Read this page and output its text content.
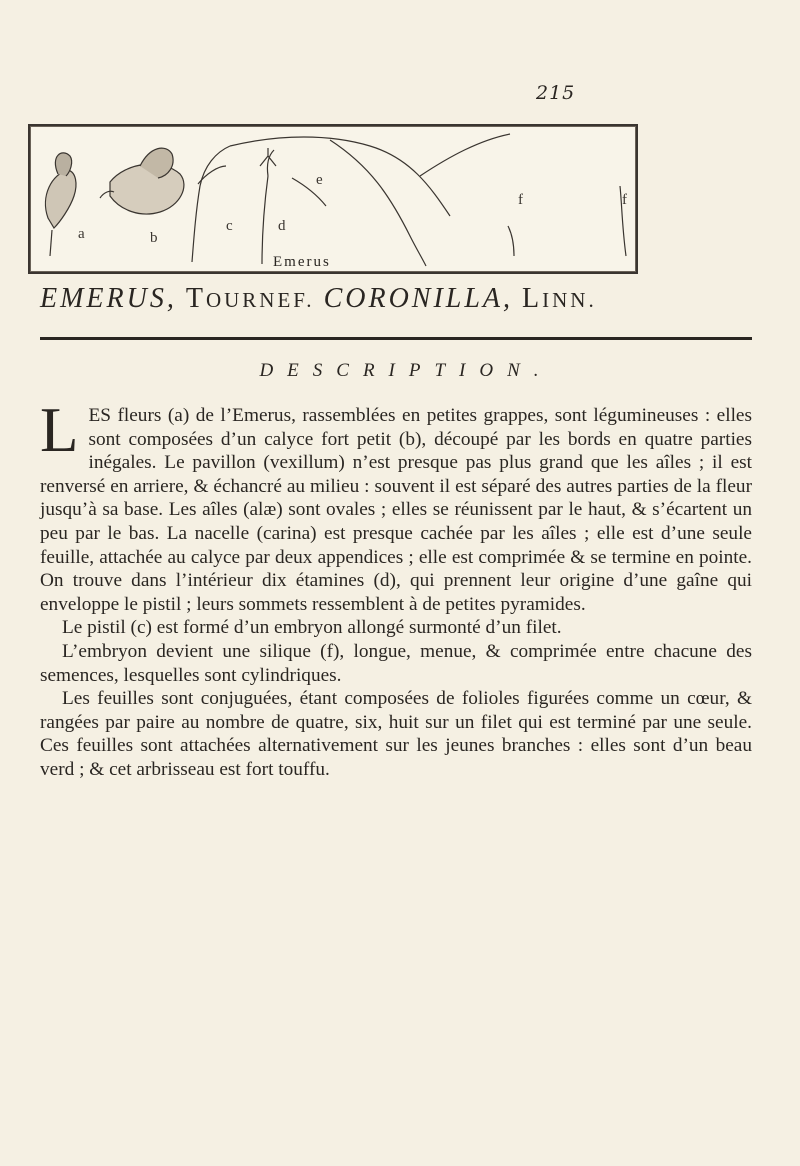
215
a	b
c	d
e
f	f
Emerus
EMERUS, TOURNEF. CORONILLA, LINN.
DESCRIPTION.

LES fleurs (a) de l’Emerus, rassemblées en petites grappes, sont légumineuses : elles sont composées d’un calyce fort petit (b), découpé par les bords en quatre parties inégales. Le pavillon (vexillum) n’est presque pas plus grand que les aîles ; il est renversé en arriere, & échancré au milieu : souvent il est séparé des autres parties de la fleur jusqu’à sa base. Les aîles (alæ) sont ovales ; elles se réunissent par le haut, & s’écartent un peu par le bas. La nacelle (carina) est presque cachée par les aîles ; elle est d’une seule feuille, attachée au calyce par deux appendices ; elle est comprimée & se termine en pointe. On trouve dans l’intérieur dix étamines (d), qui prennent leur origine d’une gaîne qui enveloppe le pistil ; leurs sommets ressemblent à de petites pyramides.

Le pistil (c) est formé d’un embryon allongé surmonté d’un filet.

L’embryon devient une silique (f), longue, menue, & comprimée entre chacune des semences, lesquelles sont cylindriques.

Les feuilles sont conjuguées, étant composées de folioles figurées comme un cœur, & rangées par paire au nombre de quatre, six, huit sur un filet qui est terminé par une seule. Ces feuilles sont attachées alternativement sur les jeunes branches : elles sont d’un beau verd ; & cet arbrisseau est fort touffu.
